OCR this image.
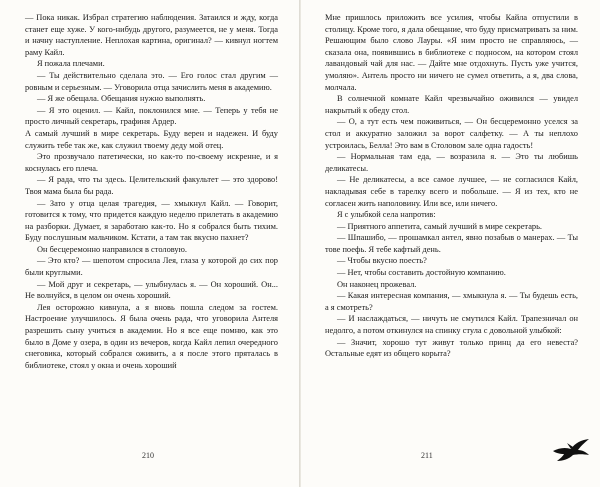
— Пока никак. Избрал стратегию наблюдения. Затаился и жду, когда станет еще хуже. У кого-нибудь другого, разумеется, не у меня. Тогда и начну наступление. Неплохая картина, оригинал? — кивнул ногтем раму Кайл.

Я пожала плечами.

— Ты действительно сделала это. — Его голос стал другим — ровным и серьезным. — Уговорила отца зачислить меня в академию.

— Я же обещала. Обещания нужно выполнять.

— Я это оценил. — Кайл, поклонился мне. — Теперь у тебя не просто личный секретарь, графиня Ардер.

А самый лучший в мире секретарь. Буду верен и надежен. И буду служить тебе так же, как служил твоему деду мой отец.

Это прозвучало патетически, но как-то по-своему искренне, и я коснулась его плеча.

— Я рада, что ты здесь. Целительский факультет — это здорово! Твоя мама была бы рада.

— Зато у отца целая трагедия, — хмыкнул Кайл. — Говорит, готовится к тому, что придется каждую неделю прилетать в академию на разборки. Думает, я заработаю как-то. Но я собрался быть тихим. Буду послушным мальчиком. Кстати, а там так вкусно пахнет?

Он бесцеремонно направился в столовую.

— Это кто? — шепотом спросила Лея, глаза у которой до сих пор были круглыми.

— Мой друг и секретарь, — улыбнулась я. — Он хороший. Он... Не волнуйся, в целом он очень хороший.

Лея осторожно кивнула, а я вновь пошла следом за гостем. Настроение улучшилось. Я была очень рада, что уговорила Антеля разрешить сыну учиться в академии. Но я все еще помню, как это было в Доме у озера, в один из вечеров, когда Кайл лепил очередного снеговика, который собрался оживить, а я после этого пряталась в библиотеке, стоял у окна и очень хороший

210

Мне пришлось приложить все усилия, чтобы Кайла отпустили в столицу. Кроме того, я дала обещание, что буду присматривать за ним. Решающим было слово Лауры. «Я ним просто не справляюсь, — сказала она, появившись в библиотеке с подносом, на котором стоял лавандовый чай для нас. — Дайте мне отдохнуть. Пусть уже учится, умоляю». Антель просто ни ничего не сумел ответить, а я, два слова, молчала.

В солнечной комнате Кайл чрезвычайно оживился — увидел накрытый к обеду стол.

— О, а тут есть чем поживиться, — Он бесцеремонно уселся за стол и аккуратно заложил за ворот салфетку. — А ты неплохо устроилась, Белла! Это вам в Столовом зале одна гадость!

— Нормальная там еда, — возразила я. — Это ты любишь деликатесы.

— Не деликатесы, а все самое лучшее, — не согласился Кайл, накладывая себе в тарелку всего и побольше. — Я из тех, кто не согласен жить наполовину. Или все, или ничего.

Я с улыбкой села напротив:

— Приятного аппетита, самый лучший в мире секретарь.

— Шпашибо, — прошамкал антел, явно позабыв о манерах. — Ты тове поефь. Я тебе кафтый день.

— Чтобы вкусно поесть?

— Нет, чтобы составить достойную компанию.

Он наконец прожевал.

— Какая интересная компания, — хмыкнула я. — Ты будешь есть, а я смотреть?

— И наслаждаться, — ничуть не смутился Кайл. Трапезничал он недолго, а потом откинулся на спинку стула с довольной улыбкой:

— Значит, хорошо тут живут только принц да его невеста? Остальные едят из общего корыта?

211
